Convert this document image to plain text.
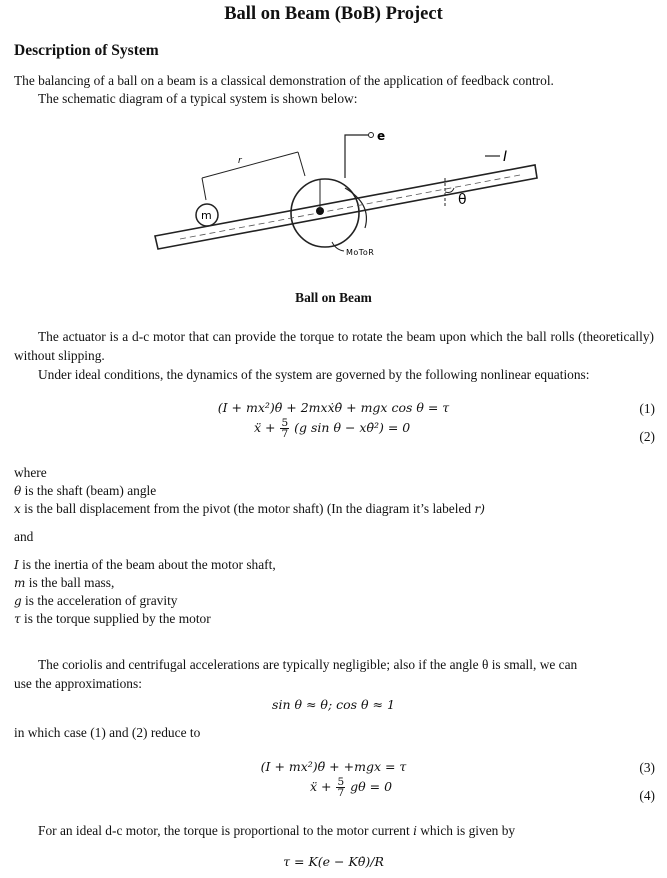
Ball on Beam (BoB) Project
Description of System
The balancing of a ball on a beam is a classical demonstration of the application of feedback control.
The schematic diagram of a typical system is shown below:
m
r
e
I
θ
MoToR
Ball on Beam
The actuator is a d-c motor that can provide the torque to rotate the beam upon which the ball rolls (theoretically) without slipping.
Under ideal conditions, the dynamics of the system are governed by the following nonlinear equations:
(I + mx²)θ̈ + 2mxẋθ̇ + mgx cos θ = τ	(1)
ẍ + $\frac{5}{7} (g$ sin θ − xθ̇²) = 0
(2)
where
θ is the shaft (beam) angle
x is the ball displacement from the pivot (the motor shaft) (In the diagram it’s labeled r)
and
I is the inertia of the beam about the motor shaft,
m is the ball mass,
g is the acceleration of gravity
τ is the torque supplied by the motor
The coriolis and centrifugal accelerations are typically negligible; also if the angle θ is small, we can
use the approximations:
sin θ ≈ θ; cos θ ≈ 1
in which case (1) and (2) reduce to
(I + mx²)θ̈ + +mgx = τ	(3)
ẍ + $\frac{5}{7}$ gθ = 0
(4)
For an ideal d-c motor, the torque is proportional to the motor current i which is given by
τ = K(e − Kθ̇)/R
